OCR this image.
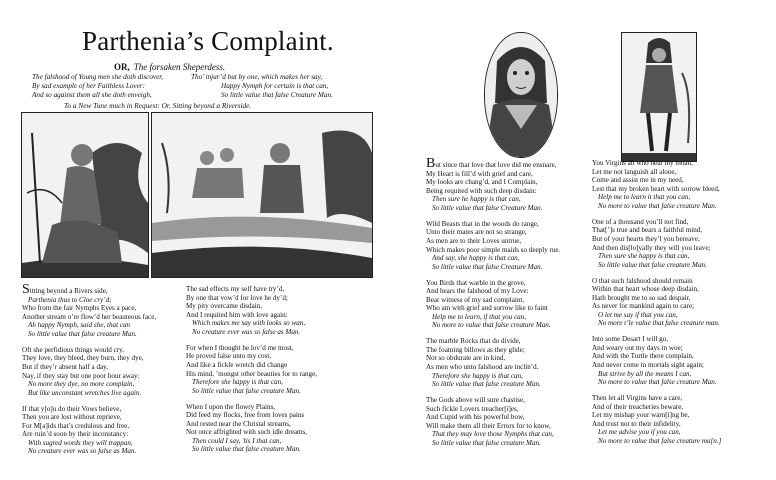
Parthenia’s Complaint.
OR, The forsaken Sheperdess.
The falshood of Young men she doth discover,
By sad example of her Faithless Lover:
And so against them all she doth enveigh,
Tho’ injur’d but by one, which makes her say,
Happy Nymph for certain is that can,
So little value that false Creature Man.
To a New Tune much in Request: Or, Sitting beyond a Riverside.

Sitting beyond a Rivers side,

Parthenia thus to Cloe cry’d;

Who from the fair Nymphs Eyes a pace,

Another stream o’re flow’d her beauteous face,

Ah happy Nymph, said she, that can

So little value that false creature Man.

Oft she perfidious things would cry,

They love, they bleed, they burn, they dye,

But if they’r absent half a day,

Nay, if they stay but one poor hour away:

No more they dye, no more complain,

But like unconstant wretches live again.

If that y[o]u do their Vows believe,

Then you are lost without reprieve,

For M[a]ids that’s credulous and free,

Are ruin’d soon by their inconstancy:

With sugred words they will trappan,

No creature ever was so false as Man.

The sad effects my self have try’d,

By one that vow’d for love he dy’d;

My pity overcame disdain,

And I requited him with love again:

Which makes me say with looks so wan,

No creature ever was so false as Man.

For when I thought he lov’d me most,

He proved false unto my cost,

And like a fickle wretch did change

His mind, ’mongst other beauties for to range,

Therefore she happy is that can,

So little value that false creature Man.

When I upon the flowry Plains,

Did feed my flocks, free from loves pains

And rested near the Christal streams,

Not once affrighted with such idle dreams,

Then could I say, ’tis I that can,

So little value that false creature Man.

But since that love that love did me ensnare,

My Heart is fill’d with grief and care,

My looks are chang’d, and I Complain,

Being requited with such deep disdain:

Then sure he happy is that can,

So little value that false Creature Man.

Wild Beasts that in the woods do range,

Unto their mates are not so strange,

As men are to their Loves untrue,

Which makes poor simple maids so deeply rue.

And say, she happy is that can,

So little value that false Creature Man.

You Birds that warble in the grove,

And hears the falshood of my Love:

Bear witness of my sad complaint,

Who am with grief and sorrow like to faint

Help me to learn, if that you can,

No more to value that false creature Man.

The marble Rocks that do divide,

The foaming billows as they glide;

Not so obdurate are in kind,

As men who unto falshood are inclin’d.

Therefore she happy is that can,

So little value that false creature Man.

The Gods above will sure chastise,

Such fickle Lovers treacher[i]es,

And Cupid with his powerful bow,

Will make them all their Errors for to know,

That they may love those Nymphs that can,

So little value that false creature Man.

You Virgins all who hear my moan,

Let me not languish all alone,

Come and assist me in my need,

Lest that my broken heart with sorrow bleed,

Help me to learn it that you can,

No more to value that false creature Man.

One of a thousand you’ll not find,

That[’]s true and bears a faithful mind,

But of your hearts they’l you bereave,

And then dis[lo]yally they will you leave;

Then sure she happy is that can,

So little value that false creature Man.

O that such falshood should remain

Within that heart whose deep disdain,

Hath brought me to so sad despair,

As never for mankind again to care;

O let me say if that you can,

No more t’le value that false creature man.

Into some Desart I will go,

And weary out my days in woe;

And with the Turtle there complain,

And never come in mortals sight again;

But strive by all the means I can,

No more to value that false creature Man.

Then let all Virgins have a care,

And of their treacheries beware,

Let my mishap your warn[i]ng be,

And trust not to their infidelity,

Let me advise you if you can,

No more to value that false creature ma[n.]
